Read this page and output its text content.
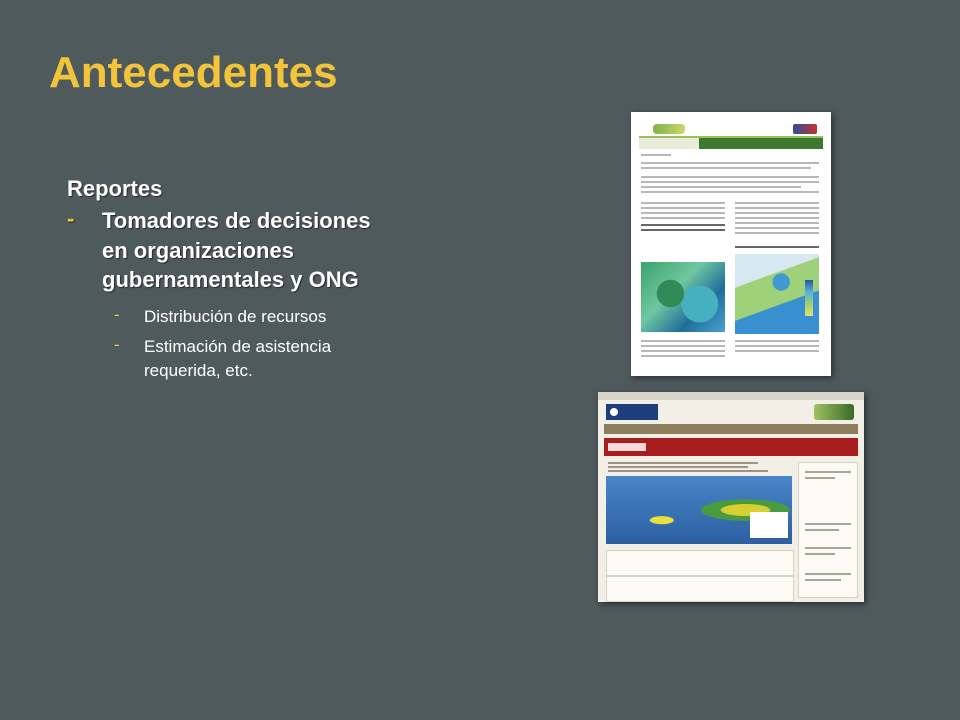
Antecedentes
Reportes
- Tomadores de decisiones en organizaciones gubernamentales y ONG
- Distribución de recursos
- Estimación de asistencia requerida, etc.
